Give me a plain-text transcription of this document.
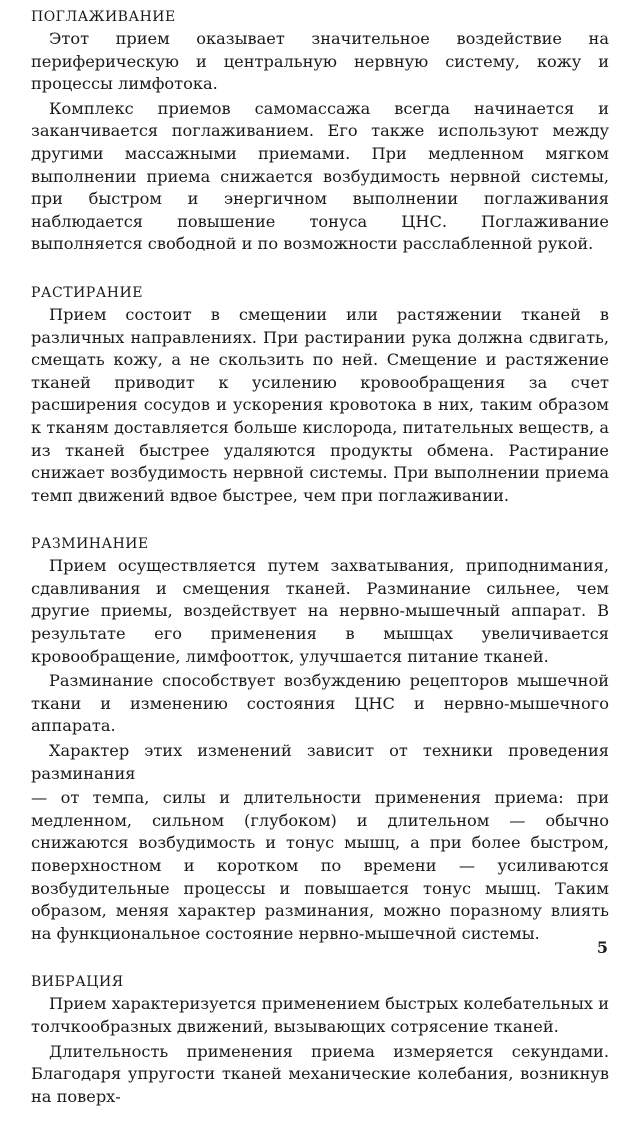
ПОГЛАЖИВАНИЕ

Этот прием оказывает значительное воздействие на периферическую и центральную нервную систему, кожу и процессы лимфотока.

Комплекс приемов самомассажа всегда начинается и заканчивается поглаживанием. Его также используют между другими массажными приемами. При медленном мягком выполнении приема снижается возбудимость нервной системы, при быстром и энергичном выполнении поглаживания наблюдается повышение тонуса ЦНС. Поглаживание выполняется свободной и по возможности расслабленной рукой.

РАСТИРАНИЕ

Прием состоит в смещении или растяжении тканей в различных направлениях. При растирании рука должна сдвигать, смещать кожу, а не скользить по ней. Смещение и растяжение тканей приводит к усилению кровообращения за счет расширения сосудов и ускорения кровотока в них, таким образом к тканям доставляется больше кислорода, питательных веществ, а из тканей быстрее удаляются продукты обмена. Растирание снижает возбудимость нервной системы. При выполнении приема темп движений вдвое быстрее, чем при поглаживании.

РАЗМИНАНИЕ

Прием осуществляется путем захватывания, приподнимания, сдавливания и смещения тканей. Разминание сильнее, чем другие приемы, воздействует на нервно-мышечный аппарат. В результате его применения в мышцах увеличивается кровообращение, лимфоотток, улучшается питание тканей.

Разминание способствует возбуждению рецепторов мышечной ткани и изменению состояния ЦНС и нервно-мышечного аппарата.

Характер этих изменений зависит от техники проведения разминания

— от темпа, силы и длительности применения приема: при медленном, сильном (глубоком) и длительном — обычно снижаются возбудимость и тонус мышц, а при более быстром, поверхностном и коротком по времени — усиливаются возбудительные процессы и повышается тонус мышц. Таким образом, меняя характер разминания, можно поразному влиять на функциональное состояние нервно-мышечной системы.

ВИБРАЦИЯ

Прием характеризуется применением быстрых колебательных и толчкообразных движений, вызывающих сотрясение тканей.

Длительность применения приема измеряется секундами. Благодаря упругости тканей механические колебания, возникнув на поверх-

5
